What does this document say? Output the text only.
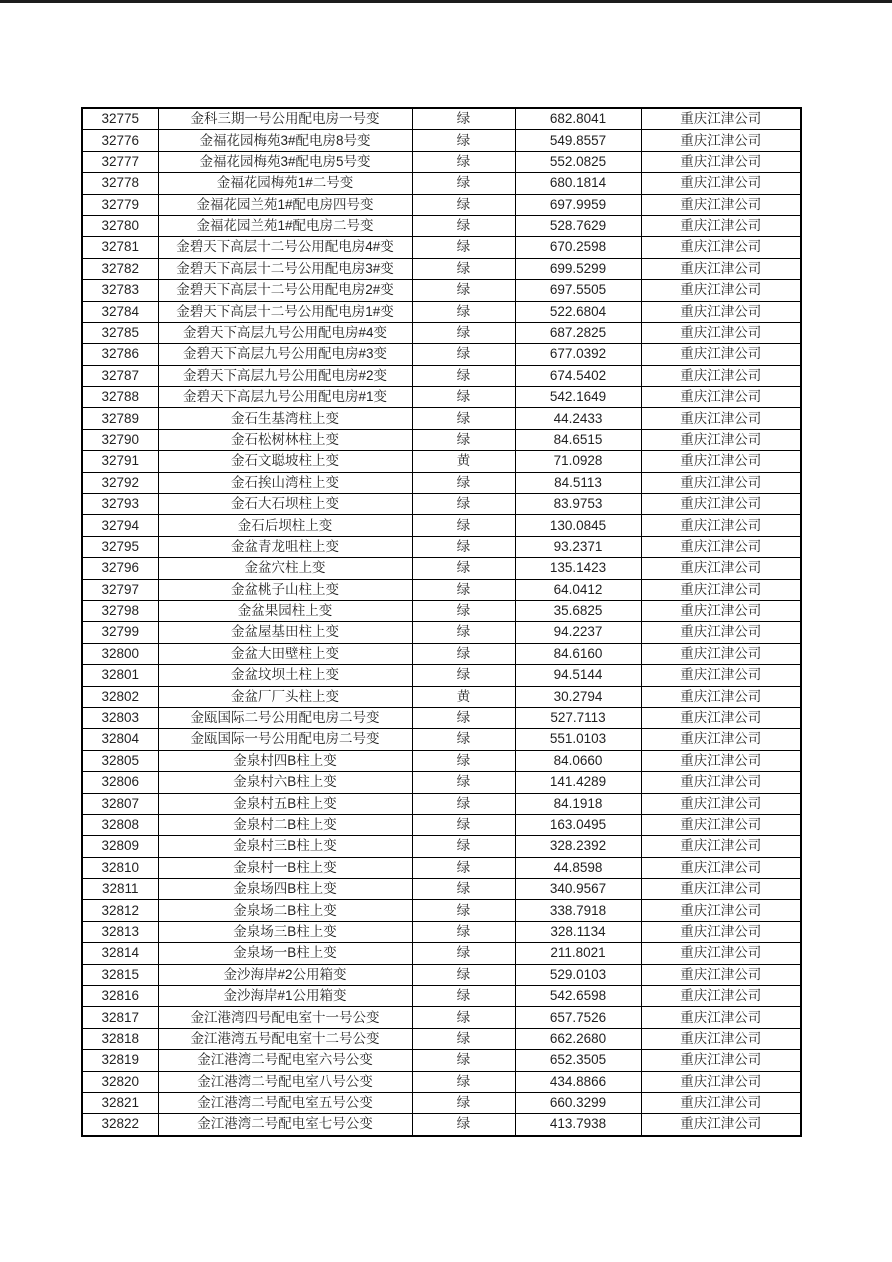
32775	金科三期一号公用配电房一号变	绿	682.8041	重庆江津公司
32776	金福花园梅苑3#配电房8号变	绿	549.8557	重庆江津公司
32777	金福花园梅苑3#配电房5号变	绿	552.0825	重庆江津公司
32778	金福花园梅苑1#二号变	绿	680.1814	重庆江津公司
32779	金福花园兰苑1#配电房四号变	绿	697.9959	重庆江津公司
32780	金福花园兰苑1#配电房二号变	绿	528.7629	重庆江津公司
32781	金碧天下高层十二号公用配电房4#变	绿	670.2598	重庆江津公司
32782	金碧天下高层十二号公用配电房3#变	绿	699.5299	重庆江津公司
32783	金碧天下高层十二号公用配电房2#变	绿	697.5505	重庆江津公司
32784	金碧天下高层十二号公用配电房1#变	绿	522.6804	重庆江津公司
32785	金碧天下高层九号公用配电房#4变	绿	687.2825	重庆江津公司
32786	金碧天下高层九号公用配电房#3变	绿	677.0392	重庆江津公司
32787	金碧天下高层九号公用配电房#2变	绿	674.5402	重庆江津公司
32788	金碧天下高层九号公用配电房#1变	绿	542.1649	重庆江津公司
32789	金石生基湾柱上变	绿	44.2433	重庆江津公司
32790	金石松树林柱上变	绿	84.6515	重庆江津公司
32791	金石文聪坡柱上变	黄	71.0928	重庆江津公司
32792	金石挨山湾柱上变	绿	84.5113	重庆江津公司
32793	金石大石坝柱上变	绿	83.9753	重庆江津公司
32794	金石后坝柱上变	绿	130.0845	重庆江津公司
32795	金盆青龙咀柱上变	绿	93.2371	重庆江津公司
32796	金盆穴柱上变	绿	135.1423	重庆江津公司
32797	金盆桃子山柱上变	绿	64.0412	重庆江津公司
32798	金盆果园柱上变	绿	35.6825	重庆江津公司
32799	金盆屋基田柱上变	绿	94.2237	重庆江津公司
32800	金盆大田壁柱上变	绿	84.6160	重庆江津公司
32801	金盆坟坝土柱上变	绿	94.5144	重庆江津公司
32802	金盆厂厂头柱上变	黄	30.2794	重庆江津公司
32803	金瓯国际二号公用配电房二号变	绿	527.7113	重庆江津公司
32804	金瓯国际一号公用配电房二号变	绿	551.0103	重庆江津公司
32805	金泉村四B柱上变	绿	84.0660	重庆江津公司
32806	金泉村六B柱上变	绿	141.4289	重庆江津公司
32807	金泉村五B柱上变	绿	84.1918	重庆江津公司
32808	金泉村二B柱上变	绿	163.0495	重庆江津公司
32809	金泉村三B柱上变	绿	328.2392	重庆江津公司
32810	金泉村一B柱上变	绿	44.8598	重庆江津公司
32811	金泉场四B柱上变	绿	340.9567	重庆江津公司
32812	金泉场二B柱上变	绿	338.7918	重庆江津公司
32813	金泉场三B柱上变	绿	328.1134	重庆江津公司
32814	金泉场一B柱上变	绿	211.8021	重庆江津公司
32815	金沙海岸#2公用箱变	绿	529.0103	重庆江津公司
32816	金沙海岸#1公用箱变	绿	542.6598	重庆江津公司
32817	金江港湾四号配电室十一号公变	绿	657.7526	重庆江津公司
32818	金江港湾五号配电室十二号公变	绿	662.2680	重庆江津公司
32819	金江港湾二号配电室六号公变	绿	652.3505	重庆江津公司
32820	金江港湾二号配电室八号公变	绿	434.8866	重庆江津公司
32821	金江港湾二号配电室五号公变	绿	660.3299	重庆江津公司
32822	金江港湾二号配电室七号公变	绿	413.7938	重庆江津公司
